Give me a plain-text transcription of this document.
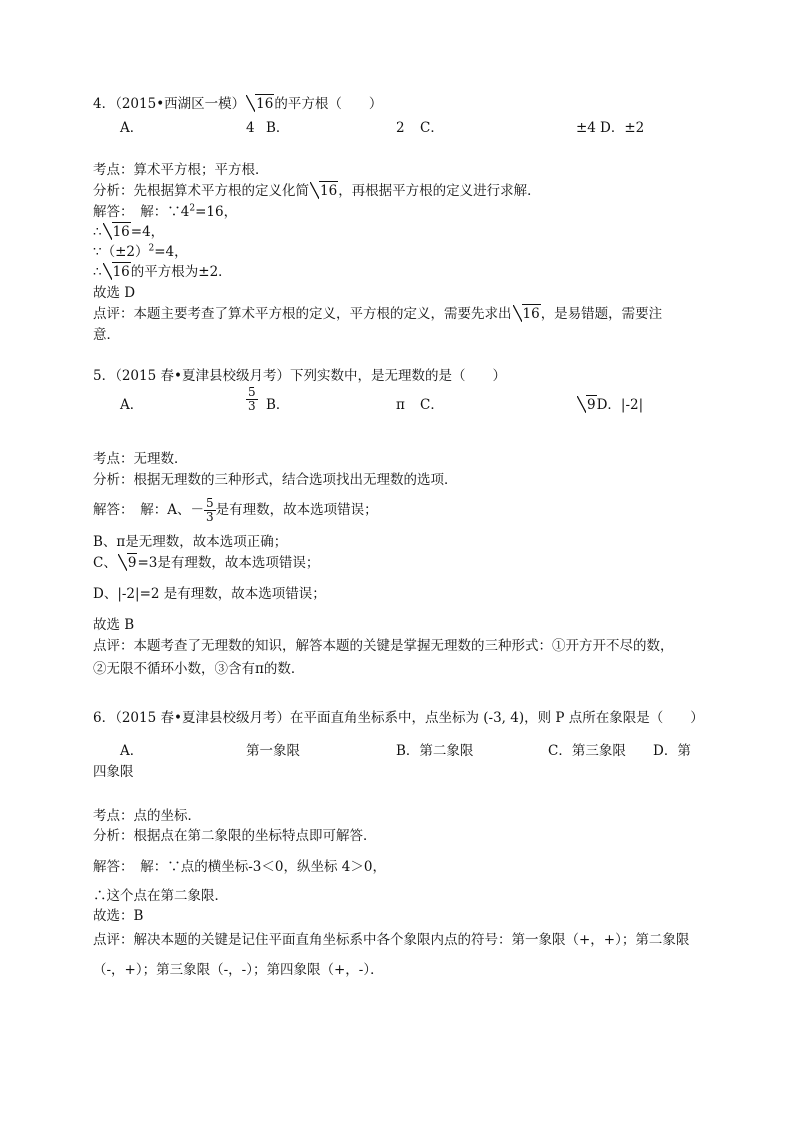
4．（2015•西湖区一模） 16的平方根（　　）
A．	4 B．	2 C．	±4 D．±2
考点：算术平方根；平方根．
分析：先根据算术平方根的定义化简 16，再根据平方根的定义进行求解．
解答：　解：$\because 4^2=16$，
∴ 16=4，
$\because(\pm 2)^2=4$，
∴ 16的平方根为±2．
故选 D
点评：本题主要考查了算术平方根的定义，平方根的定义，需要先求出 16，是易错题，需要注
意．
5．（2015 春•夏津县校级月考）下列实数中，是无理数的是（　　）
A．	$\frac{5}{3}$ B．	π C．	9D．|-2|
考点：无理数．
分析：根据无理数的三种形式，结合选项找出无理数的选项．
解答：　解：A、－ $\frac{5}{3}$ 是有理数，故本选项错误；
B、π是无理数，故本选项正确；
C、 9=3是有理数，故本选项错误；
D、|-2|=2 是有理数，故本选项错误；
故选 B
点评：本题考查了无理数的知识，解答本题的关键是掌握无理数的三种形式：①开方开不尽的数，
②无限不循环小数，③含有π的数．
6．（2015 春•夏津县校级月考）在平面直角坐标系中，点坐标为 (-3, 4)，则 P 点所在象限是（　　）
A．	第一象限	B．第二象限	C．第三象限 D．第
四象限
考点：点的坐标．
分析：根据点在第二象限的坐标特点即可解答．
解答：　解：∵点的横坐标-3＜0，纵坐标 4＞0，
∴这个点在第二象限．
故选：B
点评：解决本题的关键是记住平面直角坐标系中各个象限内点的符号：第一象限（+，+）；第二象限
（-，+）；第三象限（-，-）；第四象限（+，-）．
